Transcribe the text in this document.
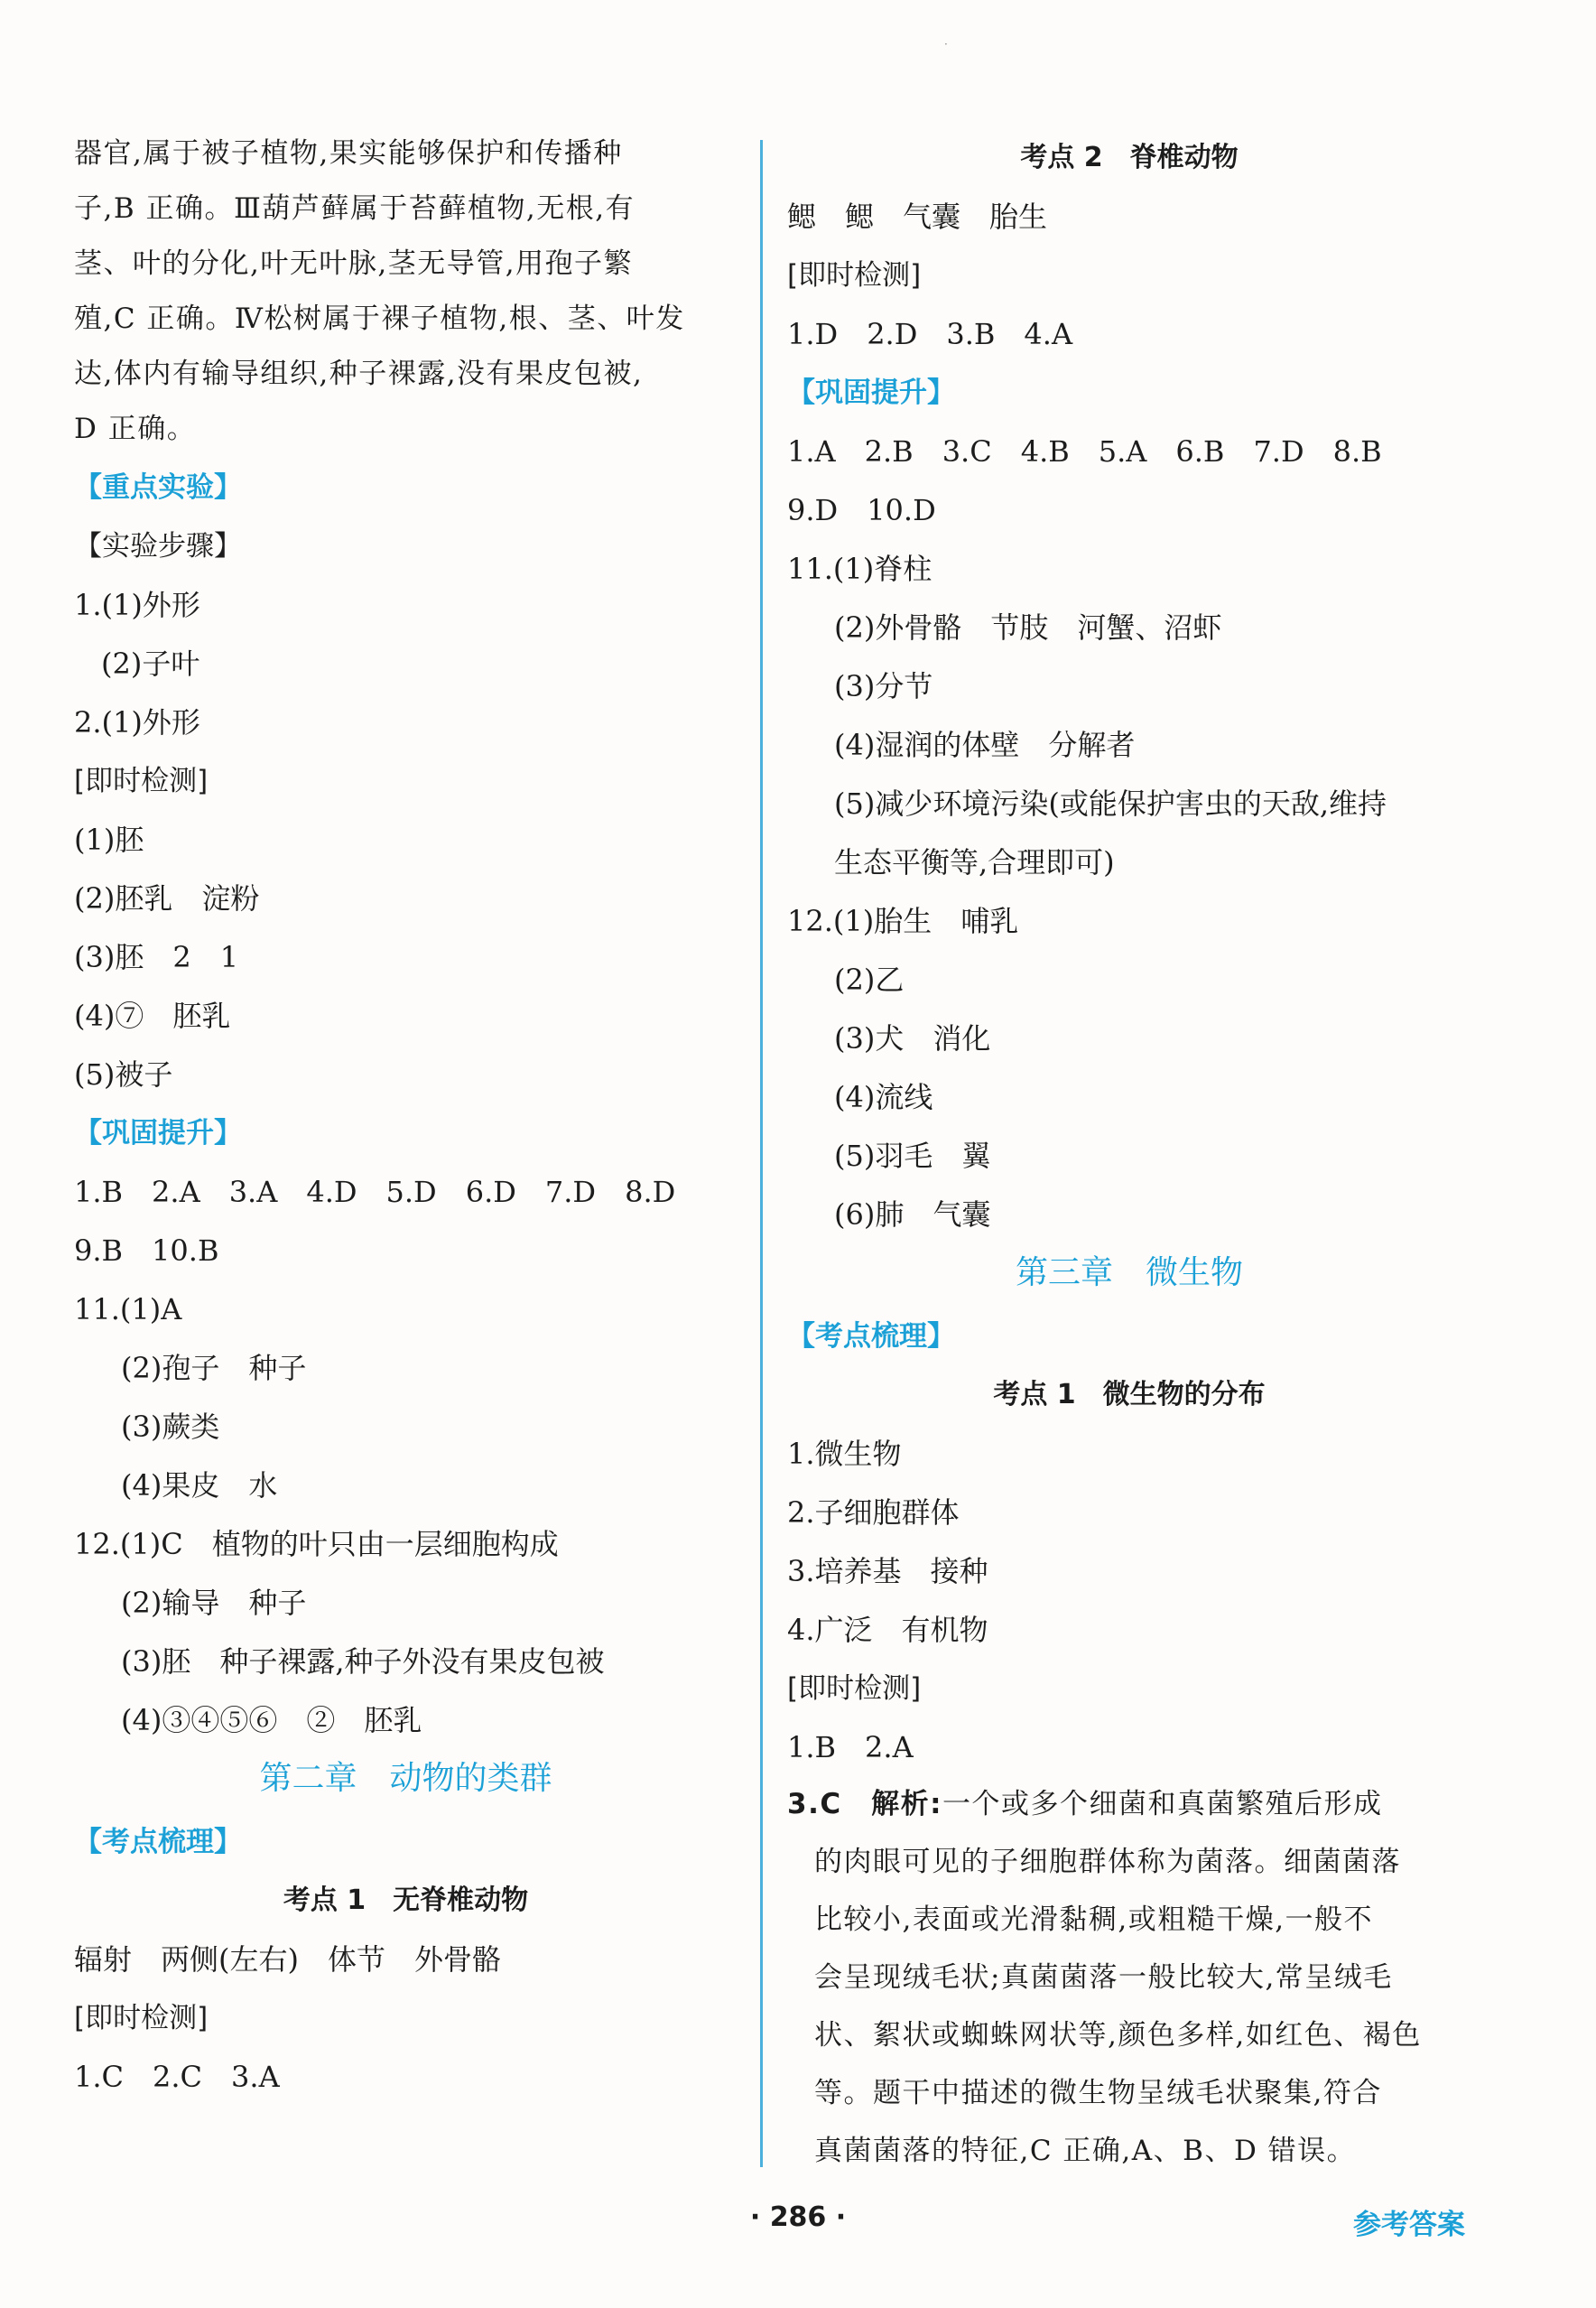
·
器官,属于被子植物,果实能够保护和传播种
子,B 正确。Ⅲ葫芦藓属于苔藓植物,无根,有
茎、叶的分化,叶无叶脉,茎无导管,用孢子繁
殖,C 正确。Ⅳ松树属于裸子植物,根、茎、叶发
达,体内有输导组织,种子裸露,没有果皮包被,
D 正确。
【重点实验】
【实验步骤】
1.(1)外形
(2)子叶
2.(1)外形
[即时检测]
(1)胚
(2)胚乳　淀粉
(3)胚　2　1
(4)⑦　胚乳
(5)被子
【巩固提升】
1.B　2.A　3.A　4.D　5.D　6.D　7.D　8.D
9.B　10.B
11.(1)A
(2)孢子　种子
(3)蕨类
(4)果皮　水
12.(1)C　植物的叶只由一层细胞构成
(2)输导　种子
(3)胚　种子裸露,种子外没有果皮包被
(4)③④⑤⑥　②　胚乳
第二章　动物的类群
【考点梳理】
考点 1　无脊椎动物
辐射　两侧(左右)　体节　外骨骼
[即时检测]
1.C　2.C　3.A
考点 2　脊椎动物
鳃　鳃　气囊　胎生
[即时检测]
1.D　2.D　3.B　4.A
【巩固提升】
1.A　2.B　3.C　4.B　5.A　6.B　7.D　8.B
9.D　10.D
11.(1)脊柱
(2)外骨骼　节肢　河蟹、沼虾
(3)分节
(4)湿润的体壁　分解者
(5)减少环境污染(或能保护害虫的天敌,维持
生态平衡等,合理即可)
12.(1)胎生　哺乳
(2)乙
(3)犬　消化
(4)流线
(5)羽毛　翼
(6)肺　气囊
第三章　微生物
【考点梳理】
考点 1　微生物的分布
1.微生物
2.子细胞群体
3.培养基　接种
4.广泛　有机物
[即时检测]
1.B　2.A
3.C　解析:一个或多个细菌和真菌繁殖后形成
的肉眼可见的子细胞群体称为菌落。细菌菌落
比较小,表面或光滑黏稠,或粗糙干燥,一般不
会呈现绒毛状;真菌菌落一般比较大,常呈绒毛
状、絮状或蜘蛛网状等,颜色多样,如红色、褐色
等。题干中描述的微生物呈绒毛状聚集,符合
真菌菌落的特征,C 正确,A、B、D 错误。
· 286 ·	参考答案
